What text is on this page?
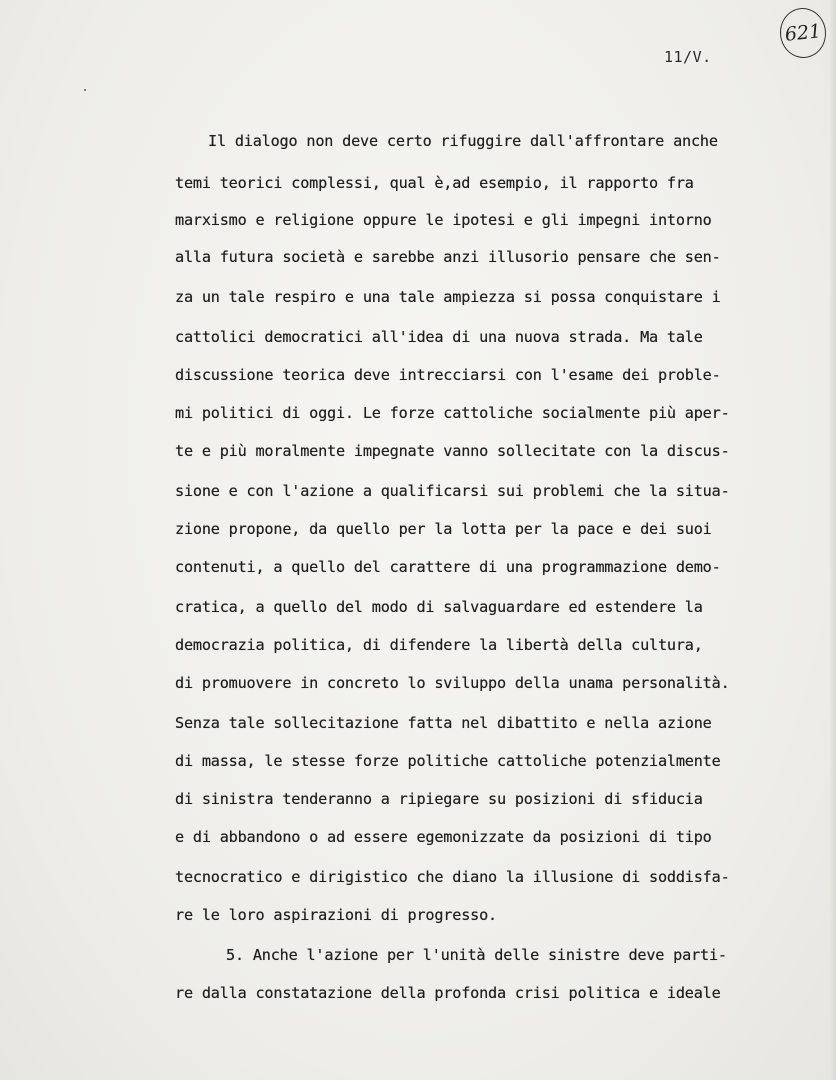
621
11/V.
Il dialogo non deve certo rifuggire dall'affrontare anche
temi teorici complessi, qual è,ad esempio, il rapporto fra
marxismo e religione oppure le ipotesi e gli impegni intorno
alla futura società e sarebbe anzi illusorio pensare che sen-
za un tale respiro e una tale ampiezza si possa conquistare i
cattolici democratici all'idea di una nuova strada. Ma tale
discussione teorica deve intrecciarsi con l'esame dei proble-
mi politici di oggi. Le forze cattoliche socialmente più aper-
te e più moralmente impegnate vanno sollecitate con la discus-
sione e con l'azione a qualificarsi sui problemi che la situa-
zione propone, da quello per la lotta per la pace e dei suoi
contenuti, a quello del carattere di una programmazione demo-
cratica, a quello del modo di salvaguardare ed estendere la
democrazia politica, di difendere la libertà della cultura,
di promuovere in concreto lo sviluppo della unama personalità.
Senza tale sollecitazione fatta nel dibattito e nella azione
di massa, le stesse forze politiche cattoliche potenzialmente
di sinistra tenderanno a ripiegare su posizioni di sfiducia
e di abbandono o ad essere egemonizzate da posizioni di tipo
tecnocratico e dirigistico che diano la illusione di soddisfa-
re le loro aspirazioni di progresso.
5. Anche l'azione per l'unità delle sinistre deve parti-
re dalla constatazione della profonda crisi politica e ideale
